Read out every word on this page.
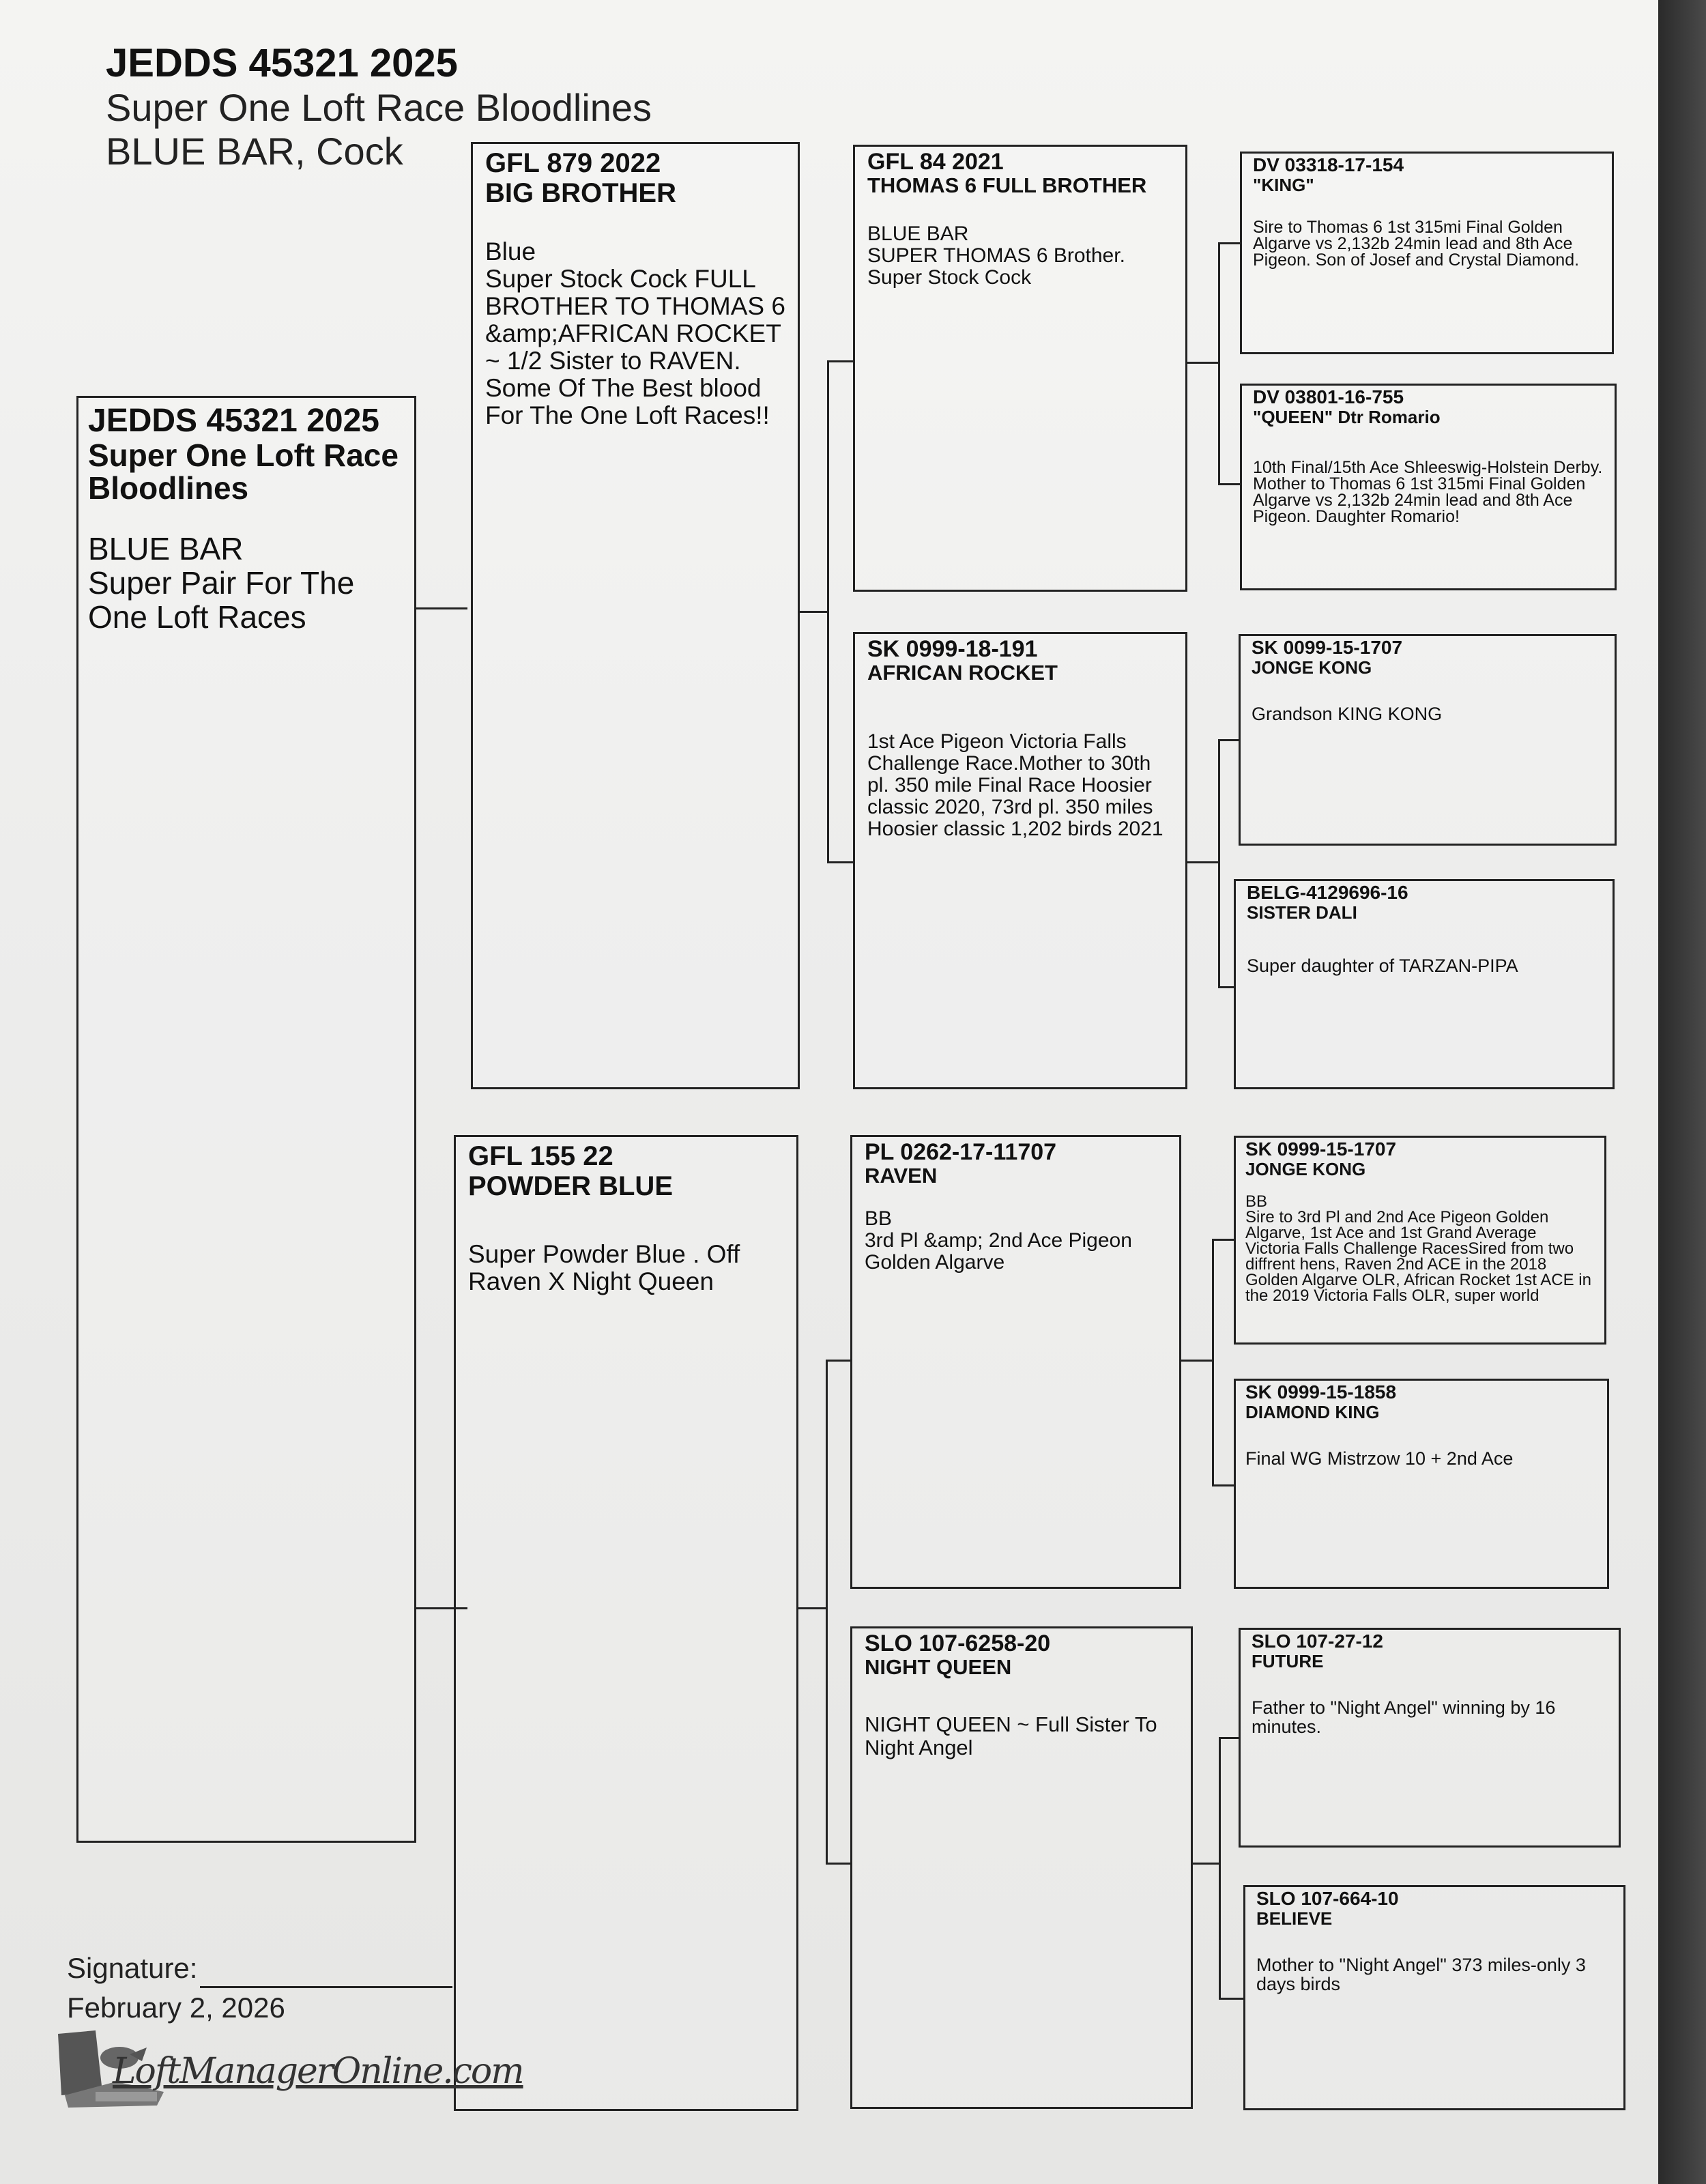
JEDDS 45321 2025
Super One Loft Race Bloodlines
BLUE BAR, Cock
JEDDS 45321 2025
Super One Loft Race Bloodlines
BLUE BAR
Super Pair For The One Loft Races
GFL 879 2022
BIG BROTHER
Blue
Super Stock Cock FULL BROTHER TO THOMAS 6 &amp;AFRICAN ROCKET ~ 1/2 Sister to RAVEN. Some Of The Best blood For The One Loft Races!!
GFL 155 22
POWDER BLUE
Super Powder Blue . Off Raven X Night Queen
GFL 84 2021
THOMAS 6 FULL BROTHER
BLUE BAR
SUPER THOMAS 6 Brother.
Super Stock Cock
SK 0999-18-191
AFRICAN ROCKET
1st Ace Pigeon Victoria Falls Challenge Race.Mother to 30th pl. 350 mile Final Race Hoosier classic 2020, 73rd pl. 350 miles Hoosier classic 1,202 birds 2021
PL 0262-17-11707
RAVEN
BB
3rd Pl &amp; 2nd Ace Pigeon Golden Algarve
SLO 107-6258-20
NIGHT QUEEN
NIGHT QUEEN ~ Full Sister To Night Angel
DV 03318-17-154
"KING"
Sire to Thomas 6 1st 315mi Final Golden Algarve vs 2,132b 24min lead and 8th Ace Pigeon. Son of Josef and Crystal Diamond.
DV 03801-16-755
"QUEEN" Dtr Romario
10th Final/15th Ace Shleeswig-Holstein Derby. Mother to Thomas 6 1st 315mi Final Golden Algarve vs 2,132b 24min lead and 8th Ace Pigeon. Daughter Romario!
SK 0099-15-1707
JONGE KONG
Grandson KING KONG
BELG-4129696-16
SISTER DALI
Super daughter of TARZAN-PIPA
SK 0999-15-1707
JONGE KONG
BB
Sire to 3rd Pl and 2nd Ace Pigeon Golden Algarve, 1st Ace and 1st Grand Average Victoria Falls Challenge RacesSired from two diffrent hens, Raven 2nd ACE in the 2018 Golden Algarve OLR, African Rocket 1st ACE in the 2019 Victoria Falls OLR, super world
SK 0999-15-1858
DIAMOND KING
Final WG Mistrzow 10 + 2nd Ace
SLO 107-27-12
FUTURE
Father to "Night Angel" winning by 16 minutes.
SLO 107-664-10
BELIEVE
Mother to "Night Angel" 373 miles-only 3 days birds
Signature:
February 2, 2026
LoftManagerOnline.com
